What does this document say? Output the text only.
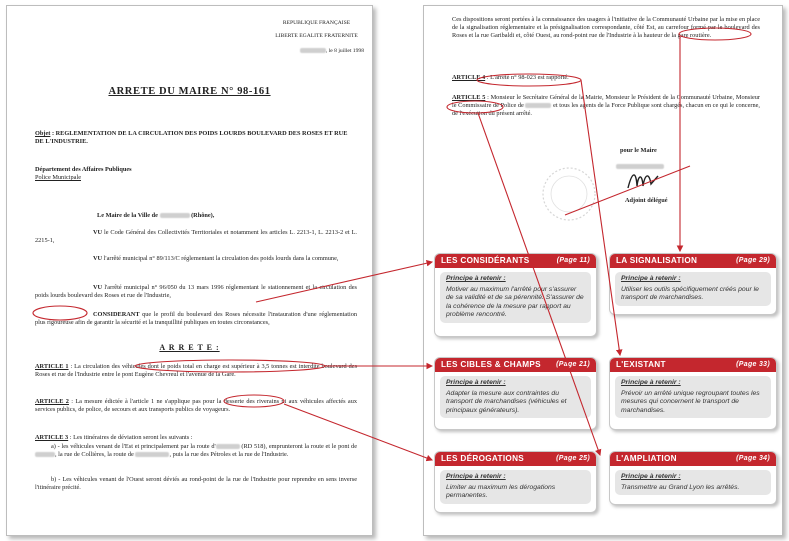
REPUBLIQUE FRANÇAISE
LIBERTE EGALITE FRATERNITE
, le 8 juillet 1998
ARRETE DU MAIRE N° 98-161
Objet : REGLEMENTATION DE LA CIRCULATION DES POIDS LOURDS BOULEVARD DES ROSES ET RUE DE L'INDUSTRIE.
Département des Affaires Publiques
Police Municipale
Le Maire de la Ville de	(Rhône),
VU le Code Général des Collectivités Territoriales et notamment les articles L. 2213-1, L. 2213-2 et L. 2215-1,
VU l'arrêté municipal n° 89/113/C réglementant la circulation des poids lourds dans la commune,
VU l'arrêté municipal n° 96/050 du 13 mars 1996 réglementant le stationnement et la circulation des poids lourds boulevard des Roses et rue de l'Industrie,
CONSIDERANT que le profil du boulevard des Roses nécessite l'instauration d'une réglementation plus rigoureuse afin de garantir la sécurité et la tranquillité publiques en toutes circonstances,
A R R E T E :
ARTICLE 1 : La circulation des véhicules dont le poids total en charge est supérieur à 3,5 tonnes est interdite boulevard des Roses et rue de l'Industrie entre le pont Eugène Chevreul et l'avenue de la Gare.
ARTICLE 2 : La mesure édictée à l'article 1 ne s'applique pas pour la desserte des riverains ni aux véhicules affectés aux services publics, de police, de secours et aux transports publics de voyageurs.
ARTICLE 3 : Les itinéraires de déviation seront les suivants :
a) - les véhicules venant de l'Est et principalement par la route d'	(RD 518), emprunteront la route et le pont de , la rue de Collières, la route de	, puis la rue des Pétroles et la rue de l'Industrie.
b) - Les véhicules venant de l'Ouest seront déviés au rond-point de la rue de l'Industrie pour reprendre en sens inverse l'itinéraire précité.
Ces dispositions seront portées à la connaissance des usagers à l'initiative de la Communauté Urbaine par la mise en place de la signalisation réglementaire et la présignalisation correspondante, côté Est, au carrefour formé par le boulevard des Roses et la rue Garibaldi et, côté Ouest, au rond-point rue de l'Industrie à la hauteur de la gare routière.
ARTICLE 4 : L'arrêté n° 98-023 est rapporté.
ARTICLE 5 : Monsieur le Secrétaire Général de la Mairie, Monsieur le Président de la Communauté Urbaine, Monsieur le Commissaire de Police de	et tous les agents de la Force Publique sont chargés, chacun en ce qui le concerne, de l'exécution du présent arrêté.
pour le Maire
Adjoint délégué
LES CONSIDÉRANTS	(Page 11)
Principe à retenir :
Motiver au maximum l'arrêté pour s'assurer de sa validité et de sa pérennité. S'assurer de la cohérence de la mesure par rapport au problème rencontré.
LA SIGNALISATION	(Page 29)
Principe à retenir :
Utiliser les outils spécifiquement créés pour le transport de marchandises.
LES CIBLES & CHAMPS (Page 21)
Principe à retenir :
Adapter la mesure aux contraintes du transport de marchandises (véhicules et principaux générateurs).
L'EXISTANT	(Page 33)
Principe à retenir :
Prévoir un arrêté unique regroupant toutes les mesures qui concernent le transport de marchandises.
LES DÉROGATIONS	(Page 25)
Principe à retenir :
Limiter au maximum les dérogations permanentes.
L'AMPLIATION	(Page 34)
Principe à retenir :
Transmettre au Grand Lyon les arrêtés.
